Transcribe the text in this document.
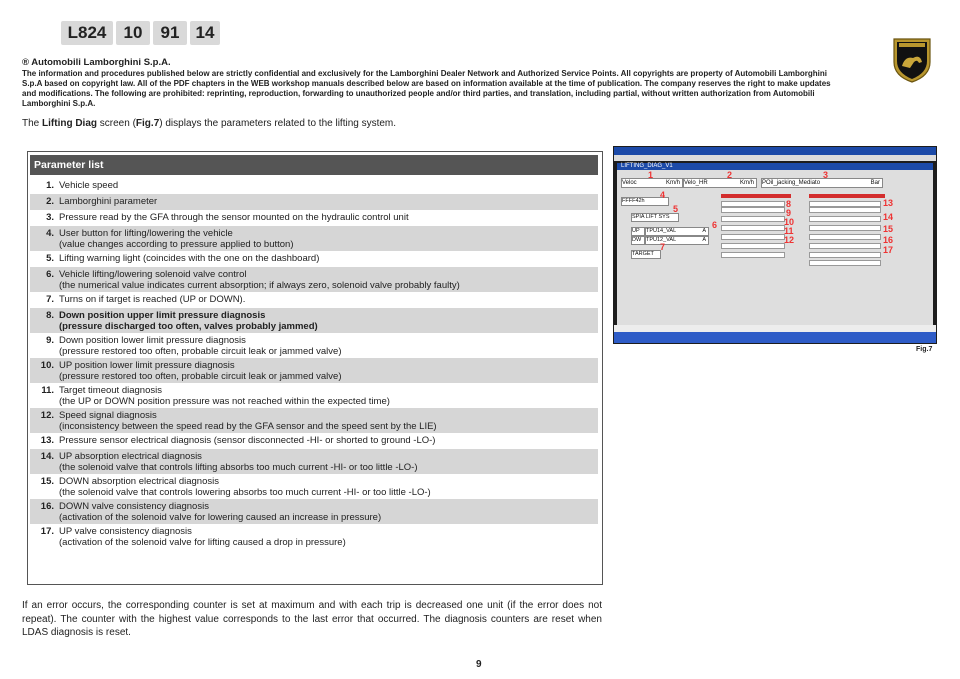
L824	10	91 14
® Automobili Lamborghini S.p.A.
The information and procedures published below are strictly confidential and exclusively for the Lamborghini Dealer Network and Authorized Service Points. All copyrights are property of Automobili Lamborghini S.p.A based on copyright law. All of the PDF chapters in the WEB workshop manuals described below are based on information available at the time of publication. The company reserves the right to make updates and modifications. The following are prohibited: reprinting, reproduction, forwarding to unauthorized people and/or third parties, and translation, including partial, without written authorization from Automobili Lamborghini S.p.A.
The Lifting Diag screen (Fig.7) displays the parameters related to the lifting system.
Parameter list
1. Vehicle speed
2. Lamborghini parameter
3. Pressure read by the GFA through the sensor mounted on the hydraulic control unit
4. User button for lifting/lowering the vehicle
(value changes according to pressure applied to button)
5. Lifting warning light (coincides with the one on the dashboard)
6. Vehicle lifting/lowering solenoid valve control
(the numerical value indicates current absorption; if always zero, solenoid valve probably faulty)
7. Turns on if target is reached (UP or DOWN).
8. Down position upper limit pressure diagnosis
(pressure discharged too often, valves probably jammed)
9. Down position lower limit pressure diagnosis
(pressure restored too often, probable circuit leak or jammed valve)
10. UP position lower limit pressure diagnosis
(pressure restored too often, probable circuit leak or jammed valve)
11. Target timeout diagnosis
(the UP or DOWN position pressure was not reached within the expected time)
12. Speed signal diagnosis
(inconsistency between the speed read by the GFA sensor and the speed sent by the LIE)
13. Pressure sensor electrical diagnosis (sensor disconnected -HI- or shorted to ground -LO-)
14. UP absorption electrical diagnosis
(the solenoid valve that controls lifting absorbs too much current -HI- or too little -LO-)
15. DOWN absorption electrical diagnosis
(the solenoid valve that controls lowering absorbs too much current -HI- or too little -LO-)
16. DOWN valve consistency diagnosis
(activation of the solenoid valve for lowering caused an increase in pressure)
17. UP valve consistency diagnosis
(activation of the solenoid valve for lifting caused a drop in pressure)
LIFTING_DIAG_V1
Veloc	Km/h Velo_HR	Km/h POil_jacking_Mediato	Bar
FFFF42h
SPIA LIFT SYS
UP	TPU14_VAL	A
DW TPU12_VAL	A
TARGET
1	2	3
4
5
6
7
8
9
10
11
12
13
14
15
16
17
Fig.7
If an error occurs, the corresponding counter is set at maximum and with each trip is decreased one unit (if the error does not repeat). The counter with the highest value corresponds to the last error that occurred. The diagnosis counters are reset when LDAS diagnosis is reset.
9
